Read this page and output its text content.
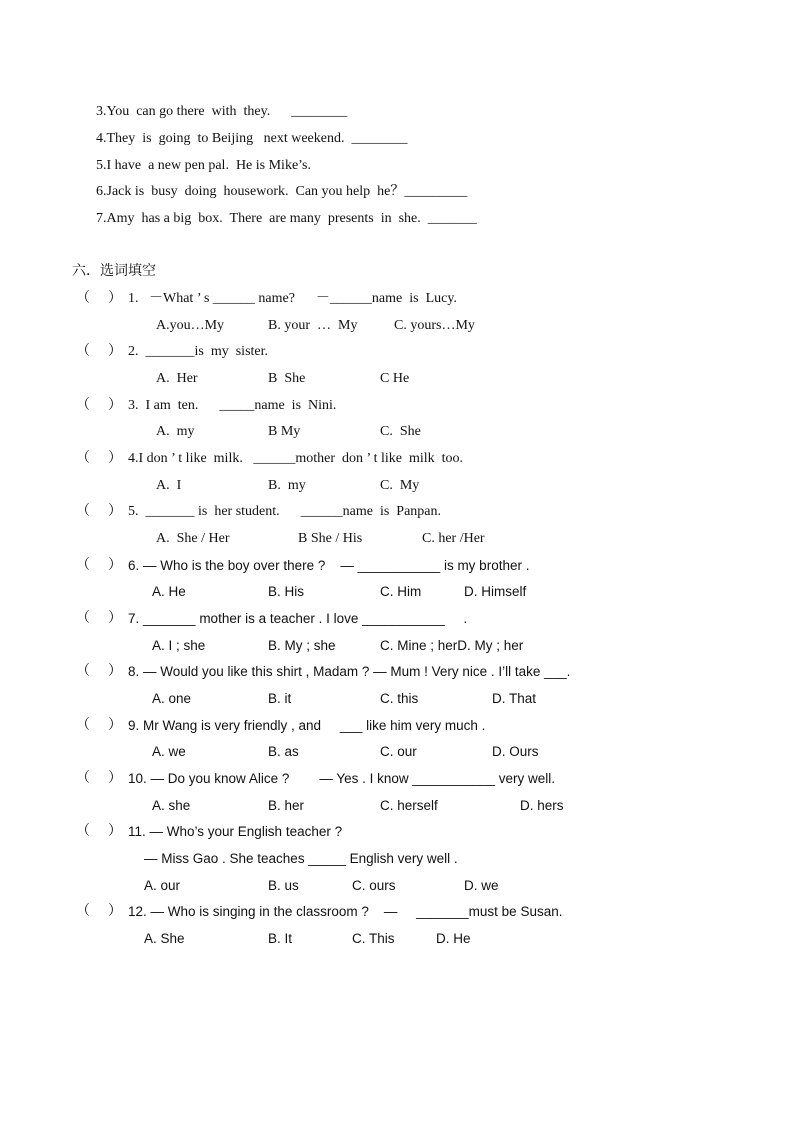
3.You  can go there  with  they.      ________
4.They  is  going  to Beijing   next weekend.  ________
5.I have  a new pen pal.  He is Mike’s.
6.Jack is  busy  doing  housework.  Can you help  he？_________
7.Amy  has a big  box.  There  are many  presents  in  she.  _______
六．选词填空
（ ） 1.   －What ’ s ______ name?      －______name  is  Lucy.
A.you…My	B. your  …  My	C. yours…My
（ ） 2.  _______is  my  sister.
A.  Her	B  She	C He
（ ） 3.  I am  ten.      _____name  is  Nini.
A.  my	B My	C.  She
（ ） 4.I don ’ t like  milk.   ______mother  don ’ t like  milk  too.
A.  I	B.  my	C.  My
（ ） 5.  _______ is  her student.      ______name  is  Panpan.
A.  She / Her	B She / His	C. her /Her
（ ） 6. — Who is the boy over there ?    — ___________ is my brother .
A. He	B. His	C. Him	D. Himself
（ ） 7. _______ mother is a teacher . I love ___________     .
A. I ; she	B. My ; she	C. Mine ; herD. My ; her
（ ） 8. — Would you like this shirt , Madam ? — Mum ! Very nice . I’ll take ___.
A. one	B. it	C. this	D. That
（ ） 9. Mr Wang is very friendly , and     ___ like him very much .
A. we	B. as	C. our	D. Ours
（ ） 10. — Do you know Alice ?        — Yes . I know ___________ very well.
A. she	B. her	C. herself	D. hers
（ ） 11. — Who’s your English teacher ?
— Miss Gao . She teaches _____ English very well .
A. our	B. us	C. ours	D. we
（ ） 12. — Who is singing in the classroom ?    —     _______must be Susan.
A. She	B. It	C. This	D. He
